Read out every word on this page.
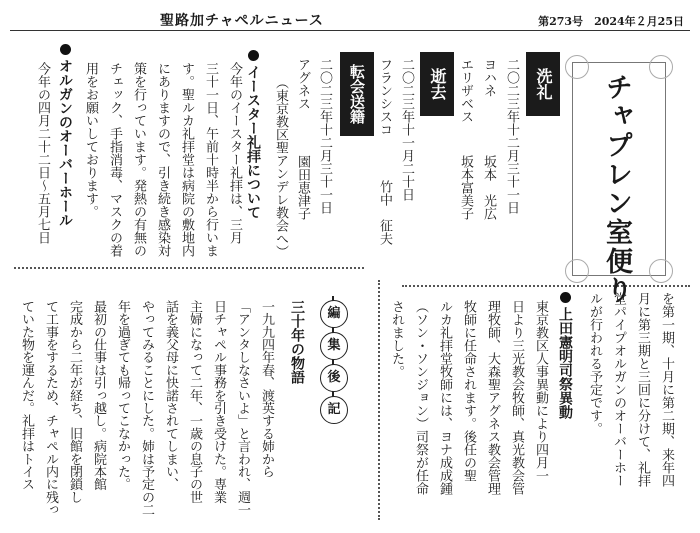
聖路加チャペルニュース	第273号　 2024年２月25日
チャプレン室便り
洗礼
二〇二三年十二月三十一日
ヨハネ
坂本　光広
エリザベス
坂本富美子
逝去
二〇二三年十一月二十日
フランシスコ
竹中　征夫
転会送籍
二〇二三年十二月三十一日
アグネス
園田恵津子
（東京教区聖アンデレ教会へ）
イースター礼拝について
今年のイースター礼拝は、三月
三十一日、午前十時半から行いま
す。聖ルカ礼拝堂は病院の敷地内
にありますので、引き続き感染対
策を行っています。発熱の有無の
チェック、手指消毒、マスクの着
用をお願いしております。
オルガンのオーバーホール
今年の四月二十二日～五月七日
を第一期、十月に第二期、来年四
月に第三期と三回に分けて、礼拝
堂パイプオルガンのオーバーホー
ルが行われる予定です。
上田憲明司祭異動
東京教区人事異動により四月一
日より三光教会牧師、真光教会管
理牧師、大森聖アグネス教会管理
牧師に任命されます。後任の聖
ルカ礼拝堂牧師には、ヨナ成成鍾
（ソン・ソンジョン）司祭が任命
されました。
編
集
後
記
三十年の物語
一九九四年春、渡英する姉から
「アンタしなさいよ」と言われ、週一
日チャペル事務を引き受けた。専業
主婦になって二年、一歳の息子の世
話を義父母に快諾されてしまい、
やってみることにした。姉は予定の二
年を過ぎても帰ってこなかった。
最初の仕事は引っ越し。病院本館
完成から二年が経ち、旧館を閉鎖し
て工事をするため、チャペル内に残っ
ていた物を運んだ。礼拝はトイス
